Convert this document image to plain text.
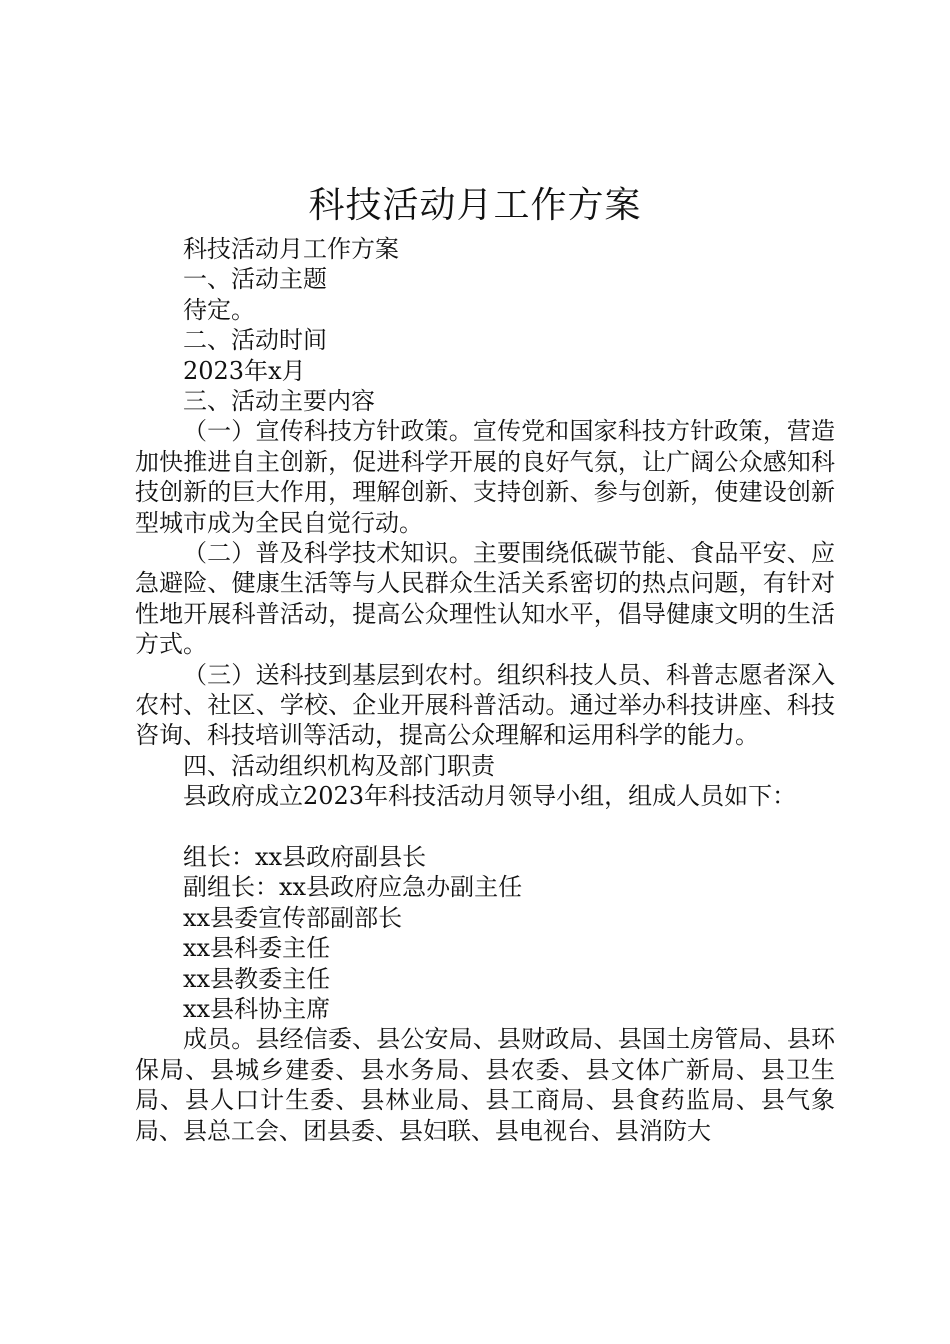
科技活动月工作方案
科技活动月工作方案
一、活动主题
待定。
二、活动时间
2023年x月
三、活动主要内容
（一）宣传科技方针政策。宣传党和国家科技方针政策，营造加快推进自主创新，促进科学开展的良好气氛，让广阔公众感知科技创新的巨大作用，理解创新、支持创新、参与创新，使建设创新型城市成为全民自觉行动。
（二）普及科学技术知识。主要围绕低碳节能、食品平安、应急避险、健康生活等与人民群众生活关系密切的热点问题，有针对性地开展科普活动，提高公众理性认知水平，倡导健康文明的生活方式。
（三）送科技到基层到农村。组织科技人员、科普志愿者深入农村、社区、学校、企业开展科普活动。通过举办科技讲座、科技咨询、科技培训等活动，提高公众理解和运用科学的能力。
四、活动组织机构及部门职责
县政府成立2023年科技活动月领导小组，组成人员如下：
组长：xx县政府副县长
副组长：xx县政府应急办副主任
xx县委宣传部副部长
xx县科委主任
xx县教委主任
xx县科协主席
成员。县经信委、县公安局、县财政局、县国土房管局、县环保局、县城乡建委、县水务局、县农委、县文体广新局、县卫生局、县人口计生委、县林业局、县工商局、县食药监局、县气象局、县总工会、团县委、县妇联、县电视台、县消防大
